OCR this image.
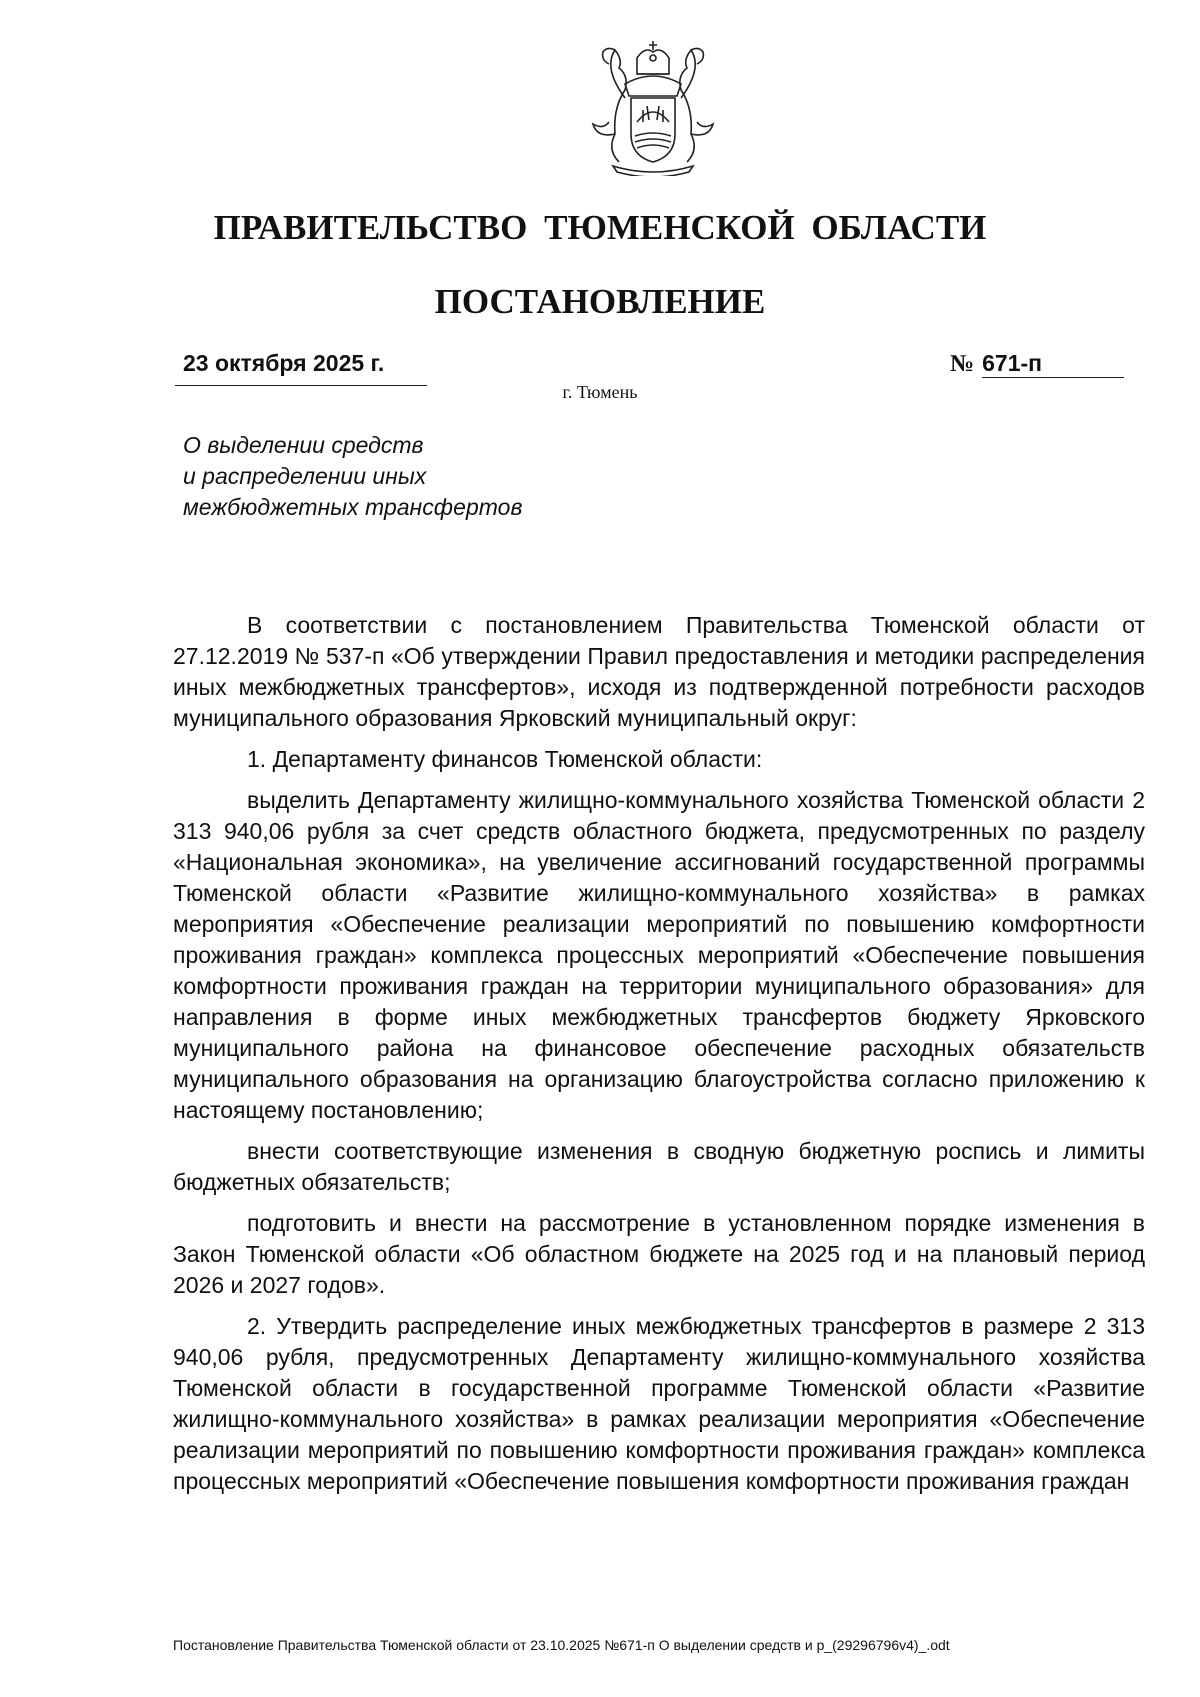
ПРАВИТЕЛЬСТВО ТЮМЕНСКОЙ ОБЛАСТИ
ПОСТАНОВЛЕНИЕ
23 октября 2025 г.	№ 671-п
г. Тюмень
О выделении средств
и распределении иных
межбюджетных трансфертов

В соответствии с постановлением Правительства Тюменской области от 27.12.2019 № 537-п «Об утверждении Правил предоставления и методики распределения иных межбюджетных трансфертов», исходя из подтвержденной потребности расходов муниципального образования Ярковский муниципальный округ:

1. Департаменту финансов Тюменской области:

выделить Департаменту жилищно-коммунального хозяйства Тюменской области 2 313 940,06 рубля за счет средств областного бюджета, предусмотренных по разделу «Национальная экономика», на увеличение ассигнований государственной программы Тюменской области «Развитие жилищно-коммунального хозяйства» в рамках мероприятия «Обеспечение реализации мероприятий по повышению комфортности проживания граждан» комплекса процессных мероприятий «Обеспечение повышения комфортности проживания граждан на территории муниципального образования» для направления в форме иных межбюджетных трансфертов бюджету Ярковского муниципального района на финансовое обеспечение расходных обязательств муниципального образования на организацию благоустройства согласно приложению к настоящему постановлению;

внести соответствующие изменения в сводную бюджетную роспись и лимиты бюджетных обязательств;

подготовить и внести на рассмотрение в установленном порядке изменения в Закон Тюменской области «Об областном бюджете на 2025 год и на плановый период 2026 и 2027 годов».

2. Утвердить распределение иных межбюджетных трансфертов в размере 2 313 940,06 рубля, предусмотренных Департаменту жилищно-коммунального хозяйства Тюменской области в государственной программе Тюменской области «Развитие жилищно-коммунального хозяйства» в рамках реализации мероприятия «Обеспечение реализации мероприятий по повышению комфортности проживания граждан» комплекса процессных мероприятий «Обеспечение повышения комфортности проживания граждан

Постановление Правительства Тюменской области от 23.10.2025 №671-п О выделении средств и р_(29296796v4)_.odt
